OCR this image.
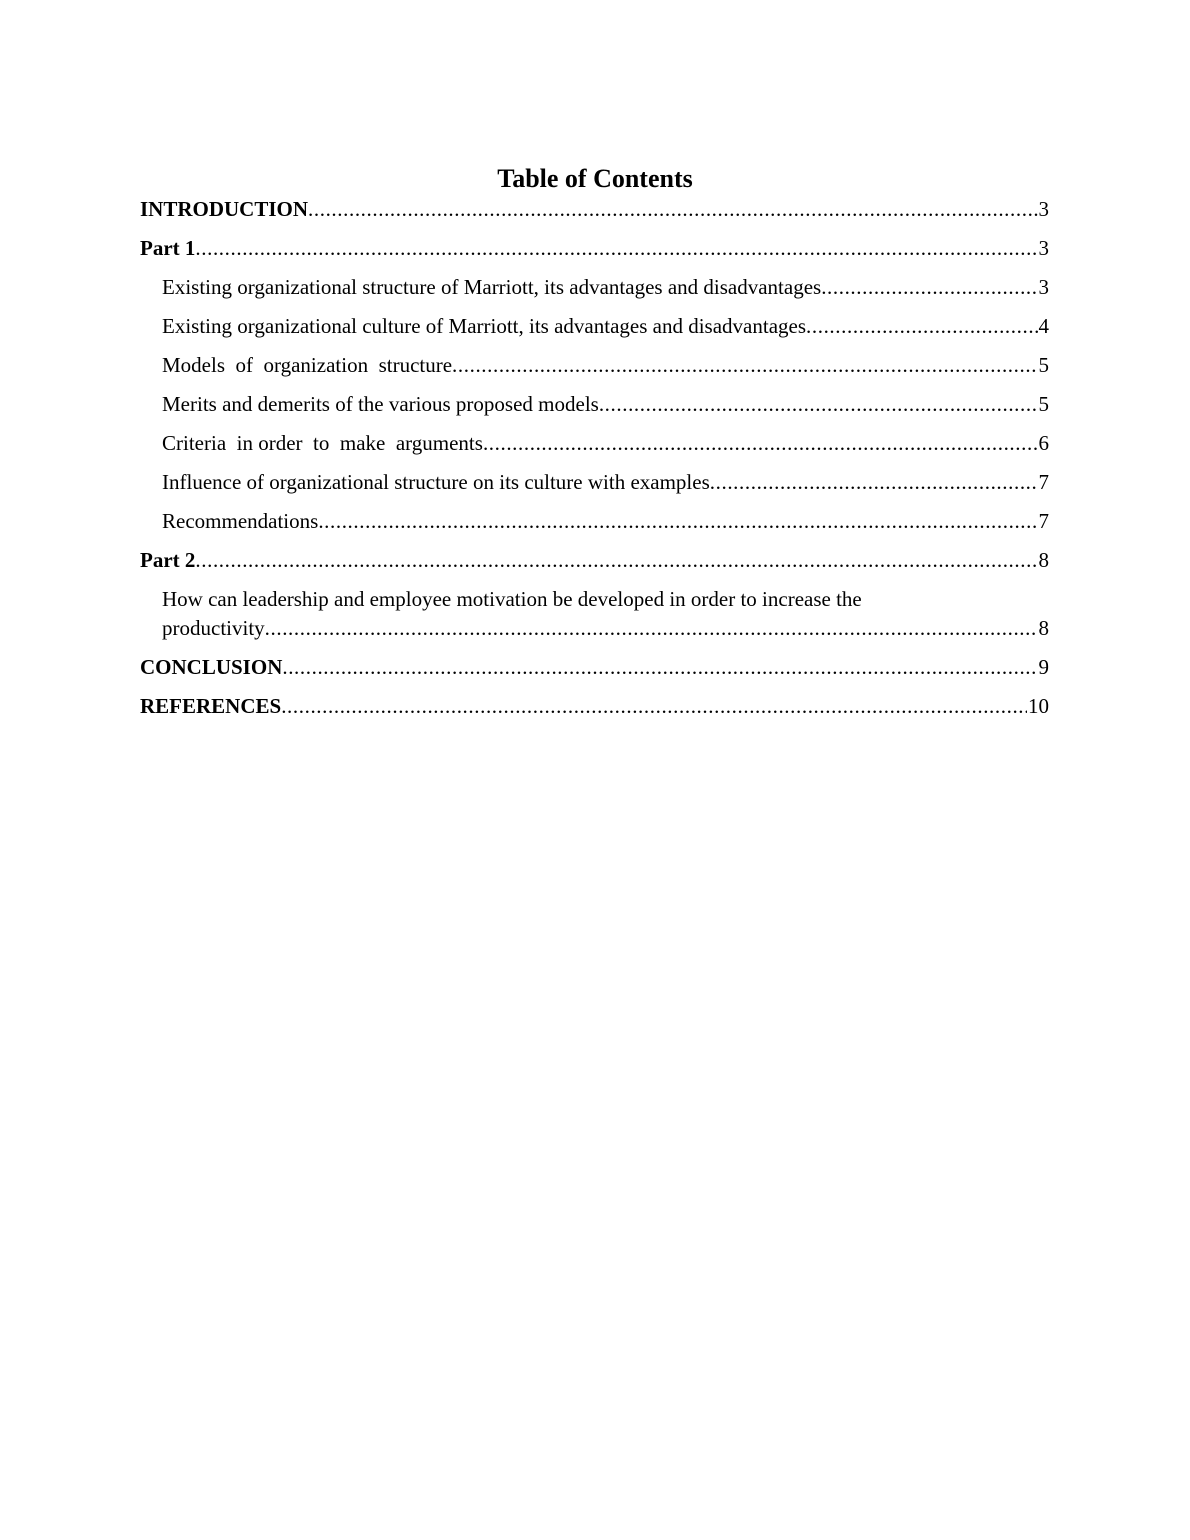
Table of Contents
INTRODUCTION .....	3
Part 1 .....	3
Existing organizational structure of Marriott, its advantages and disadvantages .....	3
Existing organizational culture of Marriott, its advantages and disadvantages .....	4
Models  of  organization  structure .....	5
Merits and demerits of the various proposed models .....	5
Criteria  in order  to  make  arguments .....	6
Influence of organizational structure on its culture with examples .....	7
Recommendations .....	7
Part 2 .....	8
How can leadership and employee motivation be developed in order to increase the
productivity .....	8
CONCLUSION .....	9
REFERENCES .....	10
